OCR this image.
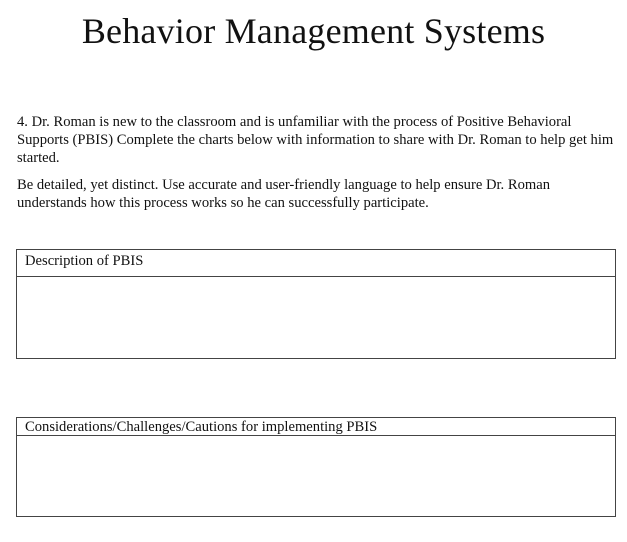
Behavior Management Systems

4. Dr. Roman is new to the classroom and is unfamiliar with the process of Positive Behavioral Supports (PBIS) Complete the charts below with information to share with Dr. Roman to help get him started.

Be detailed, yet distinct. Use accurate and user-friendly language to help ensure Dr. Roman understands how this process works so he can successfully participate.

Description of PBIS
Considerations/Challenges/Cautions for implementing PBIS
